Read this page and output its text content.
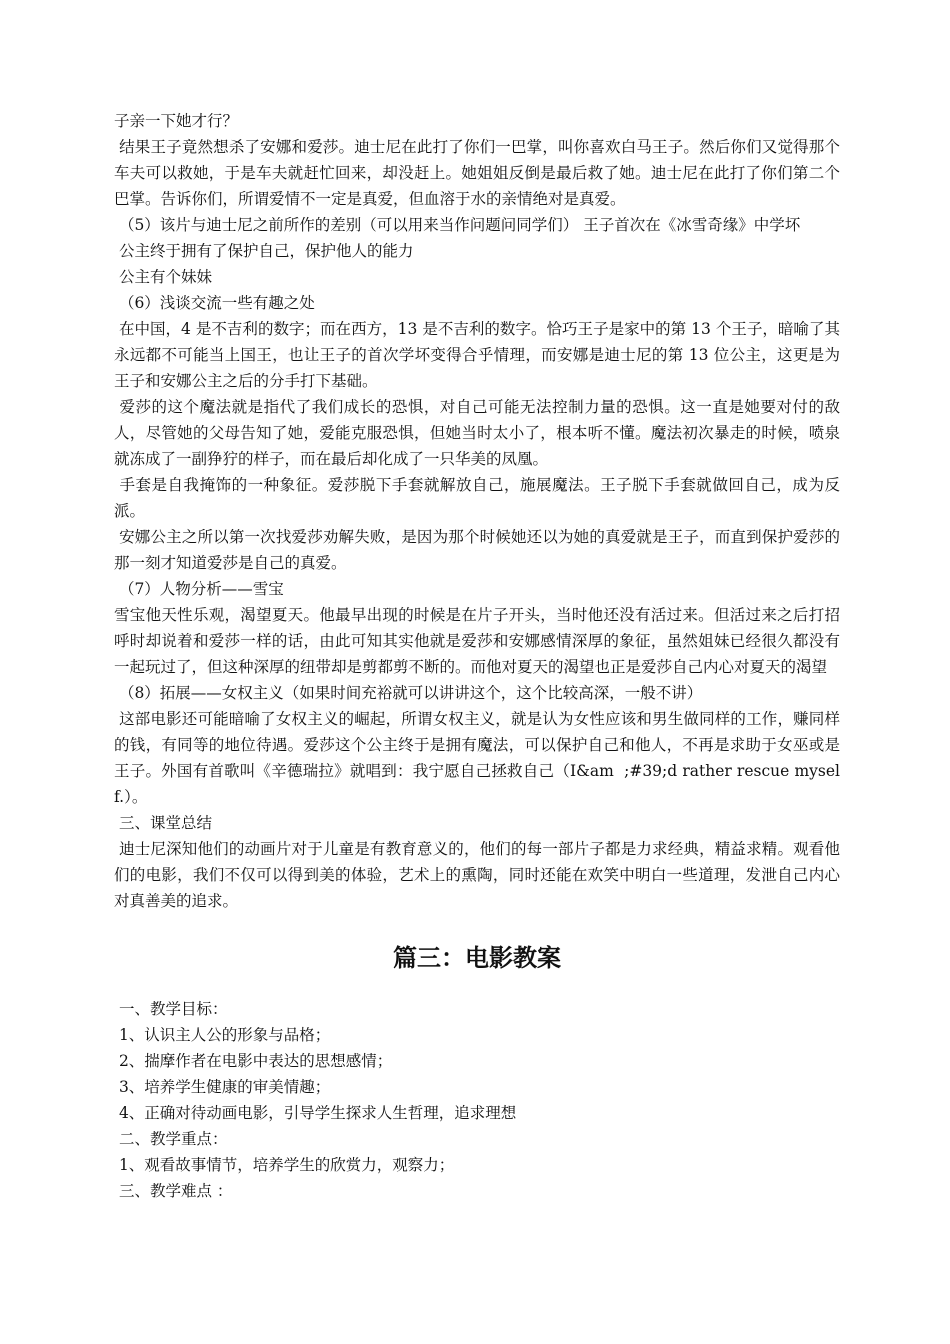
子亲一下她才行？

结果王子竟然想杀了安娜和爱莎。迪士尼在此打了你们一巴掌，叫你喜欢白马王子。然后你们又觉得那个车夫可以救她，于是车夫就赶忙回来，却没赶上。她姐姐反倒是最后救了她。迪士尼在此打了你们第二个巴掌。告诉你们，所谓爱情不一定是真爱，但血溶于水的亲情绝对是真爱。

（5）该片与迪士尼之前所作的差别（可以用来当作问题问同学们） 王子首次在《冰雪奇缘》中学坏

公主终于拥有了保护自己，保护他人的能力

公主有个妹妹

（6）浅谈交流一些有趣之处

在中国，4 是不吉利的数字；而在西方，13 是不吉利的数字。恰巧王子是家中的第 13 个王子，暗喻了其永远都不可能当上国王，也让王子的首次学坏变得合乎情理，而安娜是迪士尼的第 13 位公主，这更是为王子和安娜公主之后的分手打下基础。

爱莎的这个魔法就是指代了我们成长的恐惧，对自己可能无法控制力量的恐惧。这一直是她要对付的敌人，尽管她的父母告知了她，爱能克服恐惧，但她当时太小了，根本听不懂。魔法初次暴走的时候，喷泉就冻成了一副狰狞的样子，而在最后却化成了一只华美的凤凰。

手套是自我掩饰的一种象征。爱莎脱下手套就解放自己，施展魔法。王子脱下手套就做回自己，成为反派。

安娜公主之所以第一次找爱莎劝解失败，是因为那个时候她还以为她的真爱就是王子，而直到保护爱莎的那一刻才知道爱莎是自己的真爱。

（7）人物分析——雪宝

雪宝他天性乐观，渴望夏天。他最早出现的时候是在片子开头，当时他还没有活过来。但活过来之后打招呼时却说着和爱莎一样的话，由此可知其实他就是爱莎和安娜感情深厚的象征，虽然姐妹已经很久都没有一起玩过了，但这种深厚的纽带却是剪都剪不断的。而他对夏天的渴望也正是爱莎自己内心对夏天的渴望

（8）拓展——女权主义（如果时间充裕就可以讲讲这个，这个比较高深，一般不讲）

这部电影还可能暗喻了女权主义的崛起，所谓女权主义，就是认为女性应该和男生做同样的工作，赚同样的钱，有同等的地位待遇。爱莎这个公主终于是拥有魔法，可以保护自己和他人，不再是求助于女巫或是王子。外国有首歌叫《辛德瑞拉》就唱到：我宁愿自己拯救自己（I&am  ;#39;d rather rescue myself.）。

三、课堂总结

迪士尼深知他们的动画片对于儿童是有教育意义的，他们的每一部片子都是力求经典，精益求精。观看他们的电影，我们不仅可以得到美的体验，艺术上的熏陶，同时还能在欢笑中明白一些道理，发泄自己内心对真善美的追求。

篇三：电影教案

一、教学目标：

1、认识主人公的形象与品格；

2、揣摩作者在电影中表达的思想感情；

3、培养学生健康的审美情趣；

4、正确对待动画电影，引导学生探求人生哲理，追求理想

二、教学重点：

1、观看故事情节，培养学生的欣赏力，观察力；

三、教学难点 ：
